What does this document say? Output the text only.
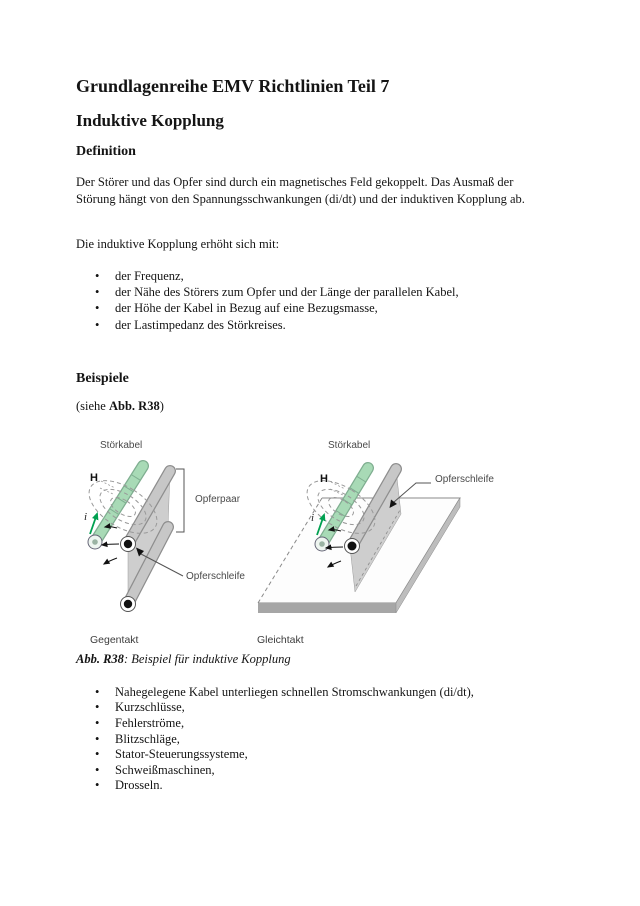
Grundlagenreihe EMV Richtlinien Teil 7
Induktive Kopplung
Definition

Der Störer und das Opfer sind durch ein magnetisches Feld gekoppelt. Das Ausmaß der Störung hängt von den Spannungsschwankungen (di/dt) und der induktiven Kopplung ab.

Die induktive Kopplung erhöht sich mit:

• der Frequenz,
• der Nähe des Störers zum Opfer und der Länge der parallelen Kabel,
• der Höhe der Kabel in Bezug auf eine Bezugsmasse,
• der Lastimpedanz des Störkreises.
Beispiele

(siehe Abb. R38)

Störkabel
H
i
Opferpaar
Opferschleife
Gegentakt
Störkabel
H
i
Opferschleife
Gleichtakt

Abb. R38: Beispiel für induktive Kopplung

• Nahegelegene Kabel unterliegen schnellen Stromschwankungen (di/dt),
• Kurzschlüsse,
• Fehlerströme,
• Blitzschläge,
• Stator-Steuerungssysteme,
• Schweißmaschinen,
• Drosseln.
